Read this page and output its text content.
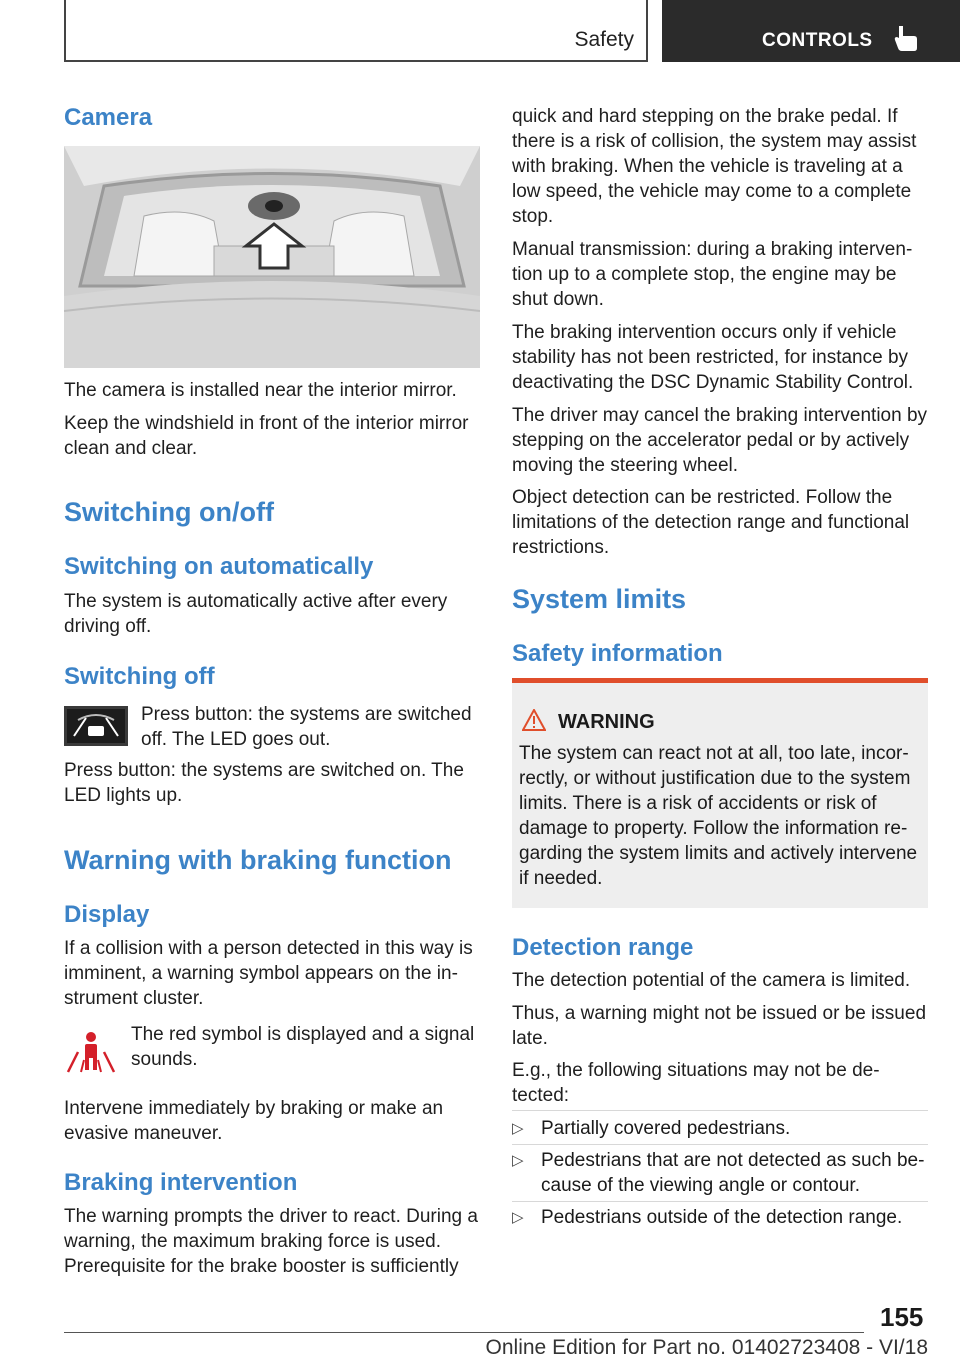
Safety	CONTROLS
Camera
The camera is installed near the interior mirror.
Keep the windshield in front of the interior mirror clean and clear.
Switching on/off
Switching on automatically
The system is automatically active after every driving off.
Switching off
Press button: the systems are switched off. The LED goes out.
Press button: the systems are switched on. The LED lights up.
Warning with braking function
Display
If a collision with a person detected in this way is imminent, a warning symbol appears on the instrument cluster.
The red symbol is displayed and a signal sounds.
Intervene immediately by braking or make an evasive maneuver.
Braking intervention
The warning prompts the driver to react. During a warning, the maximum braking force is used. Prerequisite for the brake booster is sufficiently
quick and hard stepping on the brake pedal. If there is a risk of collision, the system may assist with braking. When the vehicle is traveling at a low speed, the vehicle may come to a complete stop.
Manual transmission: during a braking intervention up to a complete stop, the engine may be shut down.
The braking intervention occurs only if vehicle stability has not been restricted, for instance by deactivating the DSC Dynamic Stability Control.
The driver may cancel the braking intervention by stepping on the accelerator pedal or by actively moving the steering wheel.
Object detection can be restricted. Follow the limitations of the detection range and functional restrictions.
System limits
Safety information
WARNING
The system can react not at all, too late, incorrectly, or without justification due to the system limits. There is a risk of accidents or risk of damage to property. Follow the information regarding the system limits and actively intervene if needed.
Detection range
The detection potential of the camera is limited.
Thus, a warning might not be issued or be issued late.
E.g., the following situations may not be detected:
▷ Partially covered pedestrians.
▷ Pedestrians that are not detected as such because of the viewing angle or contour.
▷ Pedestrians outside of the detection range.
155
Online Edition for Part no. 01402723408 - VI/18
